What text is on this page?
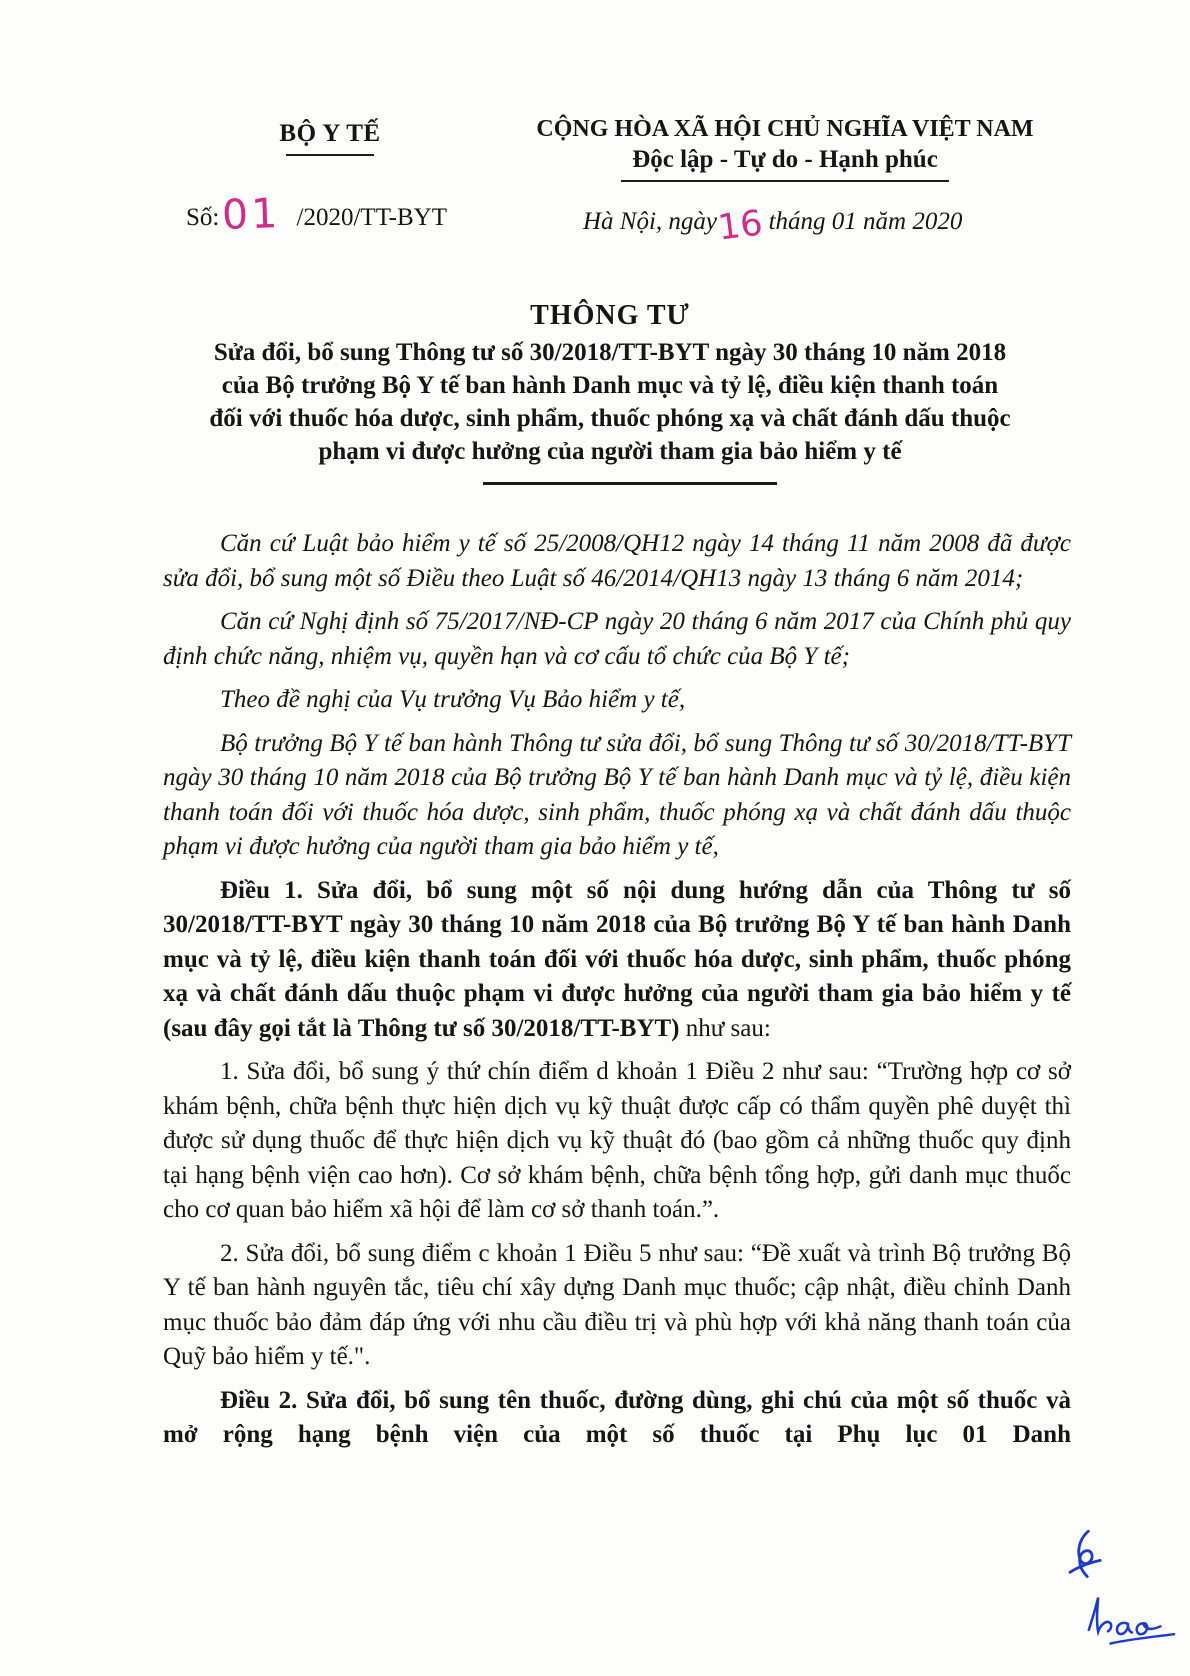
BỘ Y TẾ
Số:01 /2020/TT-BYT
CỘNG HÒA XÃ HỘI CHỦ NGHĨA VIỆT NAM
Độc lập - Tự do - Hạnh phúc
Hà Nội, ngày16 tháng 01 năm 2020
THÔNG TƯ
Sửa đổi, bổ sung Thông tư số 30/2018/TT-BYT ngày 30 tháng 10 năm 2018
của Bộ trưởng Bộ Y tế ban hành Danh mục và tỷ lệ, điều kiện thanh toán
đối với thuốc hóa dược, sinh phẩm, thuốc phóng xạ và chất đánh dấu thuộc
phạm vi được hưởng của người tham gia bảo hiểm y tế

Căn cứ Luật bảo hiểm y tế số 25/2008/QH12 ngày 14 tháng 11 năm 2008 đã được sửa đổi, bổ sung một số Điều theo Luật số 46/2014/QH13 ngày 13 tháng 6 năm 2014;

Căn cứ Nghị định số 75/2017/NĐ-CP ngày 20 tháng 6 năm 2017 của Chính phủ quy định chức năng, nhiệm vụ, quyền hạn và cơ cấu tổ chức của Bộ Y tế;

Theo đề nghị của Vụ trưởng Vụ Bảo hiểm y tế,

Bộ trưởng Bộ Y tế ban hành Thông tư sửa đổi, bổ sung Thông tư số 30/2018/TT-BYT ngày 30 tháng 10 năm 2018 của Bộ trưởng Bộ Y tế ban hành Danh mục và tỷ lệ, điều kiện thanh toán đối với thuốc hóa dược, sinh phẩm, thuốc phóng xạ và chất đánh dấu thuộc phạm vi được hưởng của người tham gia bảo hiểm y tế,

Điều 1. Sửa đổi, bổ sung một số nội dung hướng dẫn của Thông tư số 30/2018/TT-BYT ngày 30 tháng 10 năm 2018 của Bộ trưởng Bộ Y tế ban hành Danh mục và tỷ lệ, điều kiện thanh toán đối với thuốc hóa dược, sinh phẩm, thuốc phóng xạ và chất đánh dấu thuộc phạm vi được hưởng của người tham gia bảo hiểm y tế (sau đây gọi tắt là Thông tư số 30/2018/TT-BYT) như sau:

1. Sửa đổi, bổ sung ý thứ chín điểm d khoản 1 Điều 2 như sau: “Trường hợp cơ sở khám bệnh, chữa bệnh thực hiện dịch vụ kỹ thuật được cấp có thẩm quyền phê duyệt thì được sử dụng thuốc để thực hiện dịch vụ kỹ thuật đó (bao gồm cả những thuốc quy định tại hạng bệnh viện cao hơn). Cơ sở khám bệnh, chữa bệnh tổng hợp, gửi danh mục thuốc cho cơ quan bảo hiểm xã hội để làm cơ sở thanh toán.”.

2. Sửa đổi, bổ sung điểm c khoản 1 Điều 5 như sau: “Đề xuất và trình Bộ trưởng Bộ Y tế ban hành nguyên tắc, tiêu chí xây dựng Danh mục thuốc; cập nhật, điều chỉnh Danh mục thuốc bảo đảm đáp ứng với nhu cầu điều trị và phù hợp với khả năng thanh toán của Quỹ bảo hiểm y tế.".

Điều 2. Sửa đổi, bổ sung tên thuốc, đường dùng, ghi chú của một số thuốc và mở rộng hạng bệnh viện của một số thuốc tại Phụ lục 01 Danh
